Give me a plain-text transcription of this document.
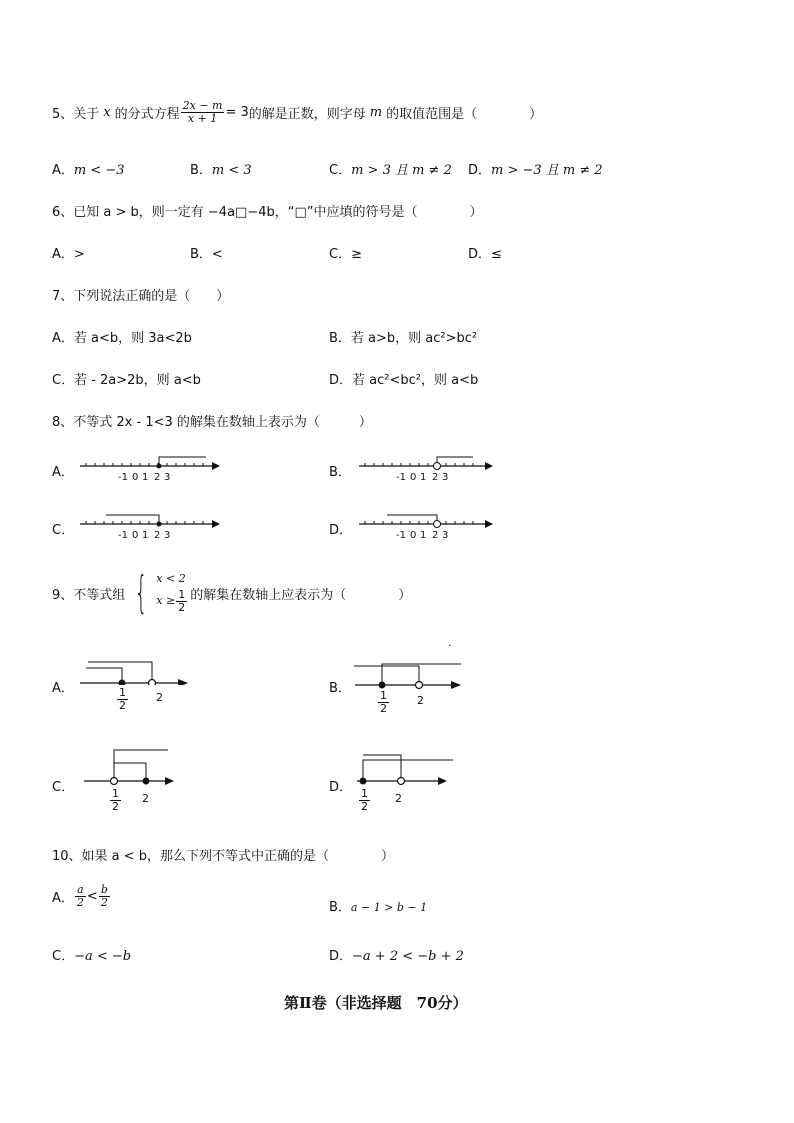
5、关于 x 的分式方程 $\frac{2x - m}{x + 1} = 3$ 的解是正数，则字母 m 的取值范围是（　　　　）
A．m < −3	B．m < 3	C．m > 3 且 m ≠ 2 D．m > −3 且 m ≠ 2
6、已知 a > b，则一定有 −4a□−4b，“□”中应填的符号是（　　　　）
A．>	B．<	C．≥	D．≤
7、下列说法正确的是（　　）
A．若 a<b，则 3a<2b	B．若 a>b，则 ac²>bc²
C．若 - 2a>2b，则 a<b	D．若 ac²<bc²，则 a<b
8、不等式 2x - 1<3 的解集在数轴上表示为（　　　）
A．	-1 0 1 2 3	B．	-1 0 1 2 3
C．	-1 0 1 2 3	D．	-1 0 1 2 3
9、不等式组 { x < 2
$x \ge \frac{1}{2}$ 的解集在数轴上应表示为（　　　　）
.
A．	$\frac{1}{2}$	2
B．
$\frac{1}{2}$	2
C．
$\frac{1}{2} 2$
D．
$\frac{1}{2} 2$
10、如果 a < b，那么下列不等式中正确的是（　　　　）
A． $\frac{a}{2} < \frac{b}{2}$	B．a − 1 > b − 1
C．−a < −b	D．−a + 2 < −b + 2
第Ⅱ卷（非选择题　70分）
